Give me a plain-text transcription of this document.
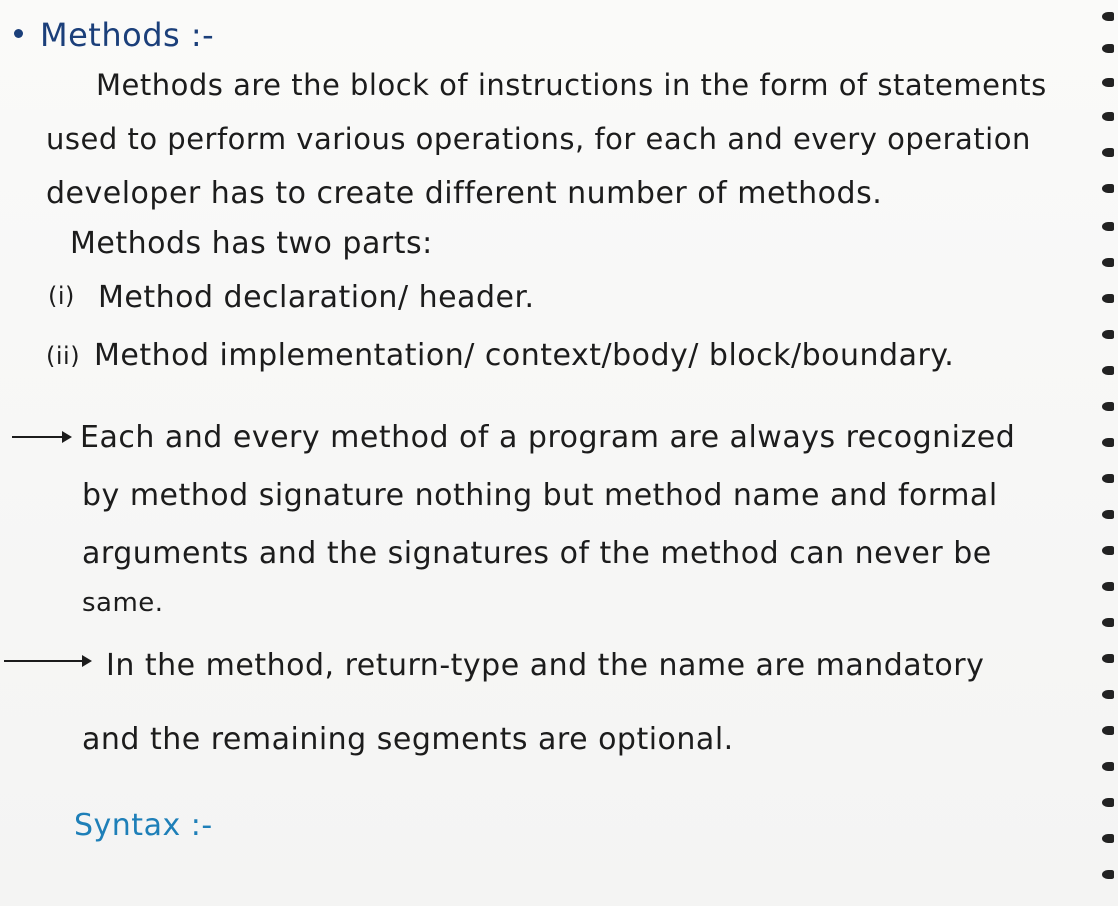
Methods :-
Methods are the block of instructions in the form of statements
used to perform various operations, for each and every operation
developer has to create different number of methods.
Methods has two parts:
(i) Method declaration/ header.
(ii) Method implementation/ context/body/ block/boundary.
Each and every method of a program are always recognized
by method signature nothing but method name and formal
arguments and the signatures of the method can never be
same.
In the method, return-type and the name are mandatory
and the remaining segments are optional.
Syntax :-
